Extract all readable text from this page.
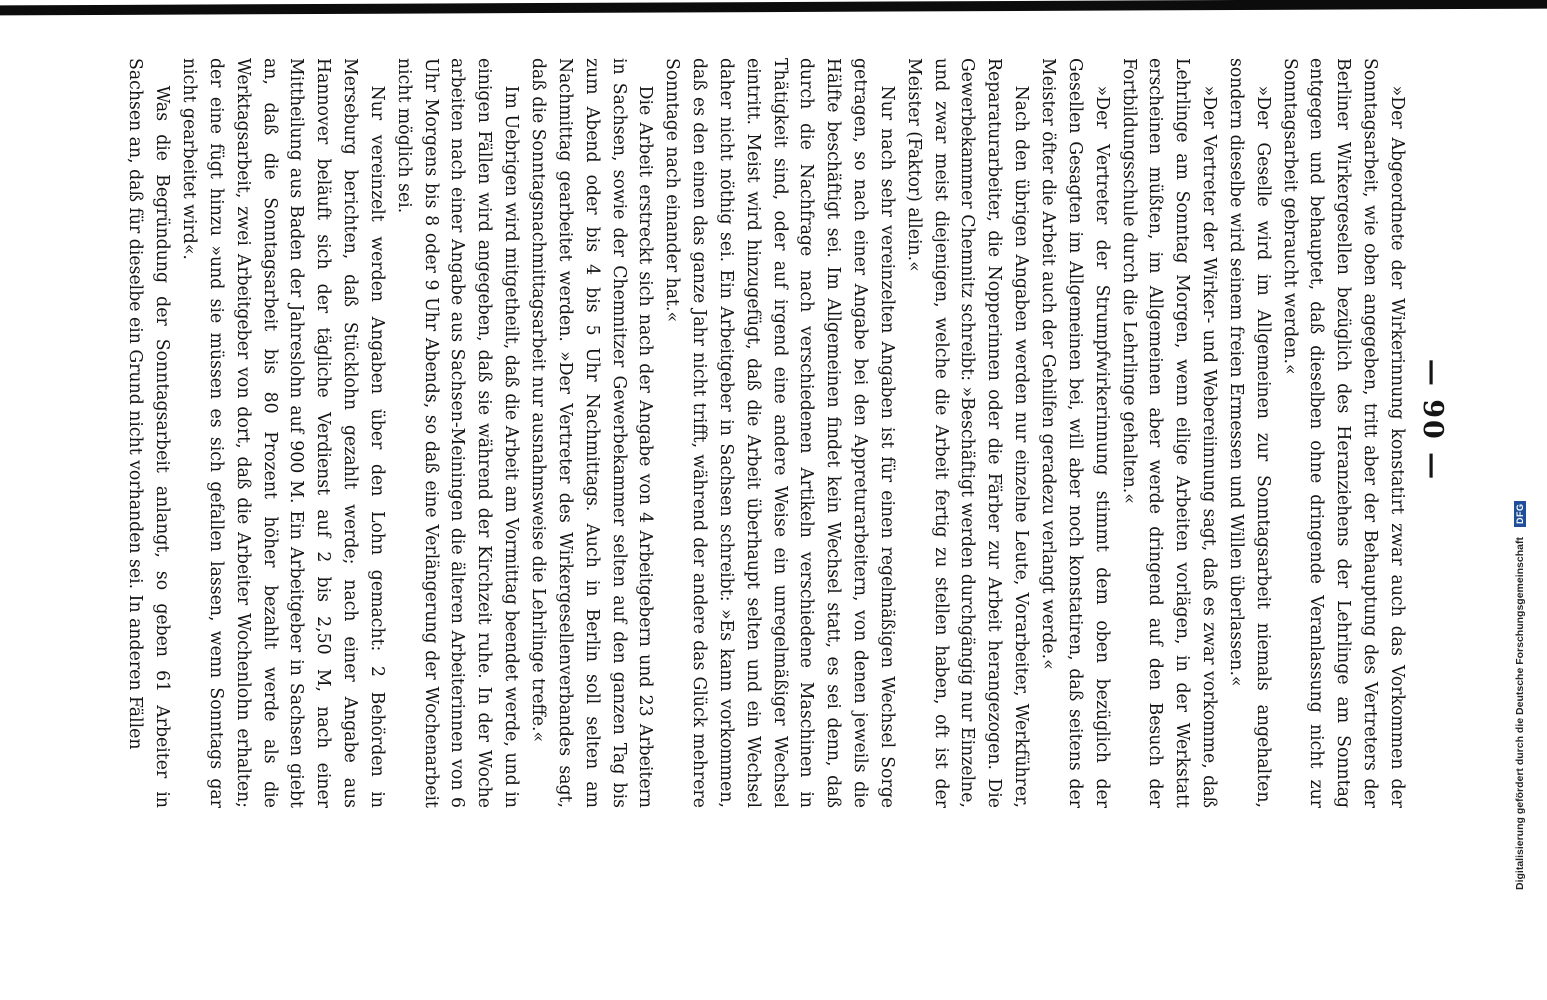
— 90 —

»Der Abgeordnete der Wirkerinnung konstatirt zwar auch das Vorkommen der Sonntagsarbeit, wie oben angegeben, tritt aber der Behauptung des Vertreters der Berliner Wirkergesellen bezüglich des Heranziehens der Lehrlinge am Sonntag entgegen und behauptet, daß dieselben ohne dringende Veranlassung nicht zur Sonntagsarbeit gebraucht werden.«

»Der Geselle wird im Allgemeinen zur Sonntagsarbeit niemals angehalten, sondern dieselbe wird seinem freien Ermessen und Willen überlassen.«

»Der Vertreter der Wirker- und Webereiinnung sagt, daß es zwar vorkomme, daß Lehrlinge am Sonntag Morgen, wenn eilige Arbeiten vorlägen, in der Werkstatt erscheinen müßten, im Allgemeinen aber werde dringend auf den Besuch der Fortbildungsschule durch die Lehrlinge gehalten.«

»Der Vertreter der Strumpfwirkerinnung stimmt dem oben bezüglich der Gesellen Gesagten im Allgemeinen bei, will aber noch konstatiren, daß seitens der Meister öfter die Arbeit auch der Gehilfen geradezu verlangt werde.«

Nach den übrigen Angaben werden nur einzelne Leute, Vorarbeiter, Werkführer, Reparaturarbeiter, die Nopperinnen oder die Färber zur Arbeit herangezogen. Die Gewerbekammer Chemnitz schreibt: »Beschäftigt werden durchgängig nur Einzelne, und zwar meist diejenigen, welche die Arbeit fertig zu stellen haben, oft ist der Meister (Faktor) allein.«

Nur nach sehr vereinzelten Angaben ist für einen regelmäßigen Wechsel Sorge getragen, so nach einer Angabe bei den Appreturarbeitern, von denen jeweils die Hälfte beschäftigt sei. Im Allgemeinen findet kein Wechsel statt, es sei denn, daß durch die Nachfrage nach verschiedenen Artikeln verschiedene Maschinen in Thätigkeit sind, oder auf irgend eine andere Weise ein unregelmäßiger Wechsel eintritt. Meist wird hinzugefügt, daß die Arbeit überhaupt selten und ein Wechsel daher nicht nöthig sei. Ein Arbeitgeber in Sachsen schreibt: »Es kann vorkommen, daß es den einen das ganze Jahr nicht trifft, während der andere das Glück mehrere Sonntage nach einander hat.«

Die Arbeit erstreckt sich nach der Angabe von 4 Arbeitgebern und 23 Arbeitern in Sachsen, sowie der Chemnitzer Gewerbekammer selten auf den ganzen Tag bis zum Abend oder bis 4 bis 5 Uhr Nachmittags. Auch in Berlin soll selten am Nachmittag gearbeitet werden. »Der Vertreter des Wirkergesellenverbandes sagt, daß die Sonntagsnachmittagsarbeit nur ausnahmsweise die Lehrlinge treffe.«

Im Uebrigen wird mitgetheilt, daß die Arbeit am Vormittag beendet werde, und in einigen Fällen wird angegeben, daß sie während der Kirchzeit ruhe. In der Woche arbeiten nach einer Angabe aus Sachsen-Meiningen die älteren Arbeiterinnen von 6 Uhr Morgens bis 8 oder 9 Uhr Abends, so daß eine Verlängerung der Wochenarbeit nicht möglich sei.

Nur vereinzelt werden Angaben über den Lohn gemacht: 2 Behörden in Merseburg berichten, daß Stücklohn gezahlt werde; nach einer Angabe aus Hannover beläuft sich der tägliche Verdienst auf 2 bis 2,50 M, nach einer Mittheilung aus Baden der Jahreslohn auf 900 M. Ein Arbeitgeber in Sachsen giebt an, daß die Sonntagsarbeit bis 80 Prozent höher bezahlt werde als die Werktagsarbeit, zwei Arbeitgeber von dort, daß die Arbeiter Wochenlohn erhalten; der eine fügt hinzu »und sie müssen es sich gefallen lassen, wenn Sonntags gar nicht gearbeitet wird«.

Was die Begründung der Sonntagsarbeit anlangt, so geben 61 Arbeiter in Sachsen an, daß für dieselbe ein Grund nicht vorhanden sei. In anderen Fällen	Digitalisierung gefördert durch die Deutsche Forschungsgemeinschaft
DFG
